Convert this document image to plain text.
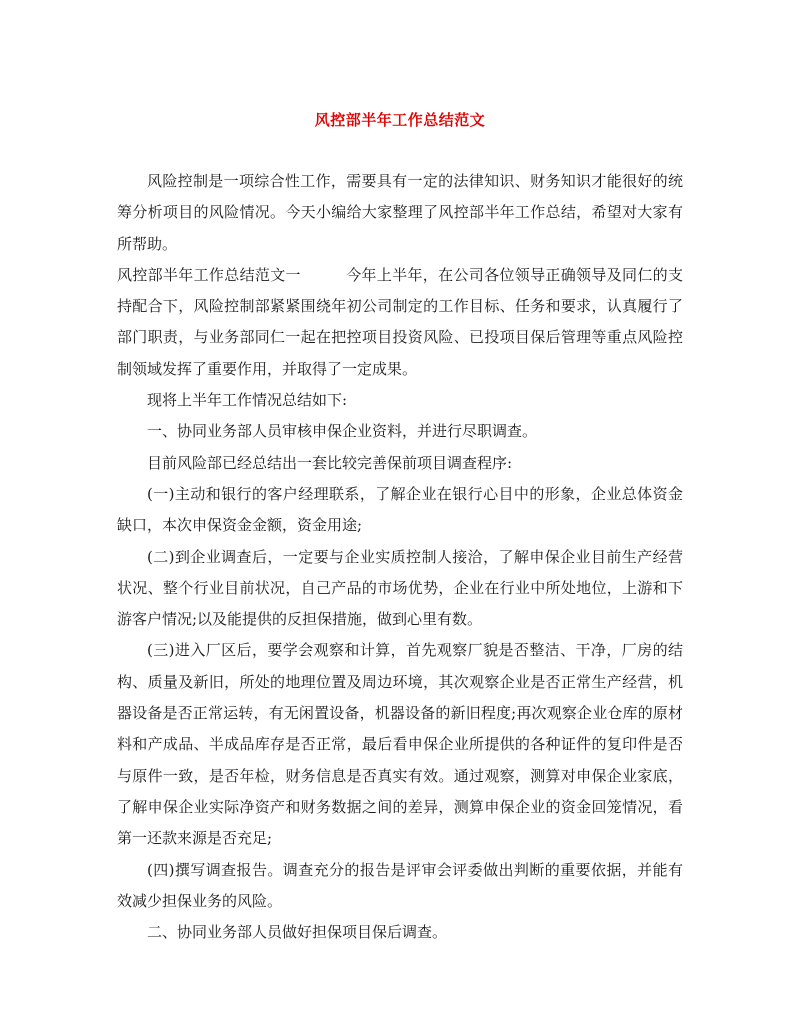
风控部半年工作总结范文

风险控制是一项综合性工作，需要具有一定的法律知识、财务知识才能很好的统筹分析项目的风险情况。今天小编给大家整理了风控部半年工作总结，希望对大家有所帮助。

风控部半年工作总结范文一	今年上半年，在公司各位领导正确领导及同仁的支持配合下，风险控制部紧紧围绕年初公司制定的工作目标、任务和要求，认真履行了部门职责，与业务部同仁一起在把控项目投资风险、已投项目保后管理等重点风险控制领域发挥了重要作用，并取得了一定成果。

现将上半年工作情况总结如下:

一、协同业务部人员审核申保企业资料，并进行尽职调查。

目前风险部已经总结出一套比较完善保前项目调查程序:

(一)主动和银行的客户经理联系，了解企业在银行心目中的形象，企业总体资金缺口，本次申保资金金额，资金用途;

(二)到企业调查后，一定要与企业实质控制人接洽，了解申保企业目前生产经营状况、整个行业目前状况，自己产品的市场优势，企业在行业中所处地位，上游和下游客户情况;以及能提供的反担保措施，做到心里有数。

(三)进入厂区后，要学会观察和计算，首先观察厂貌是否整洁、干净，厂房的结构、质量及新旧，所处的地理位置及周边环境，其次观察企业是否正常生产经营，机器设备是否正常运转，有无闲置设备，机器设备的新旧程度;再次观察企业仓库的原材料和产成品、半成品库存是否正常，最后看申保企业所提供的各种证件的复印件是否与原件一致，是否年检，财务信息是否真实有效。通过观察，测算对申保企业家底，了解申保企业实际净资产和财务数据之间的差异，测算申保企业的资金回笼情况，看第一还款来源是否充足;

(四)撰写调查报告。调查充分的报告是评审会评委做出判断的重要依据，并能有效减少担保业务的风险。

二、协同业务部人员做好担保项目保后调查。
